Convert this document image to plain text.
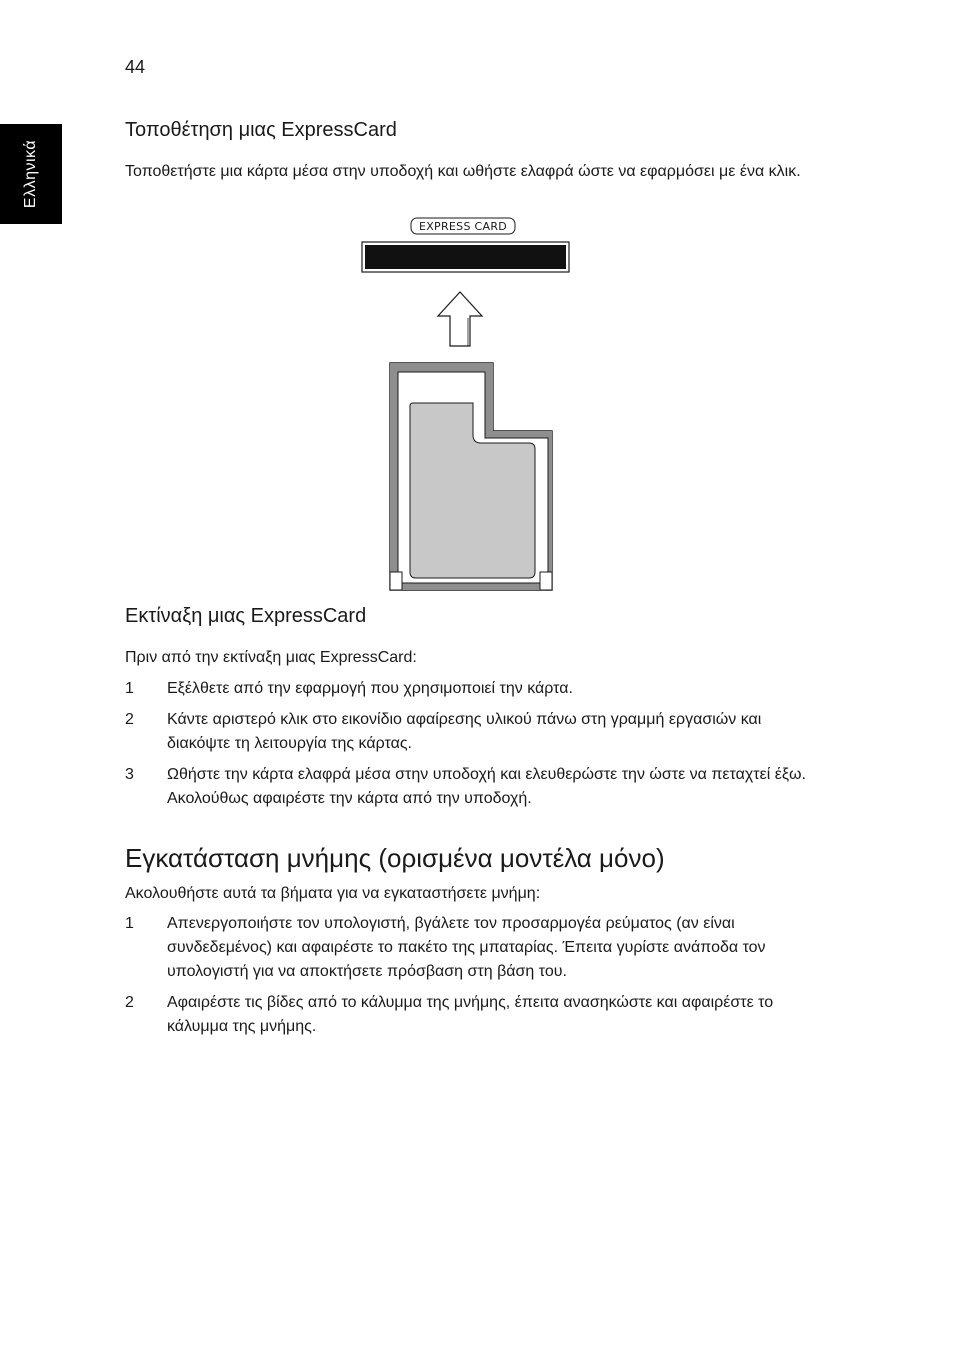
44
Ελληνικά
Τοποθέτηση μιας ExpressCard

Τοποθετήστε μια κάρτα μέσα στην υποδοχή και ωθήστε ελαφρά ώστε να εφαρμόσει με ένα κλικ.

EXPRESS CARD
Εκτίναξη μιας ExpressCard

Πριν από την εκτίναξη μιας ExpressCard:

1 Εξέλθετε από την εφαρμογή που χρησιμοποιεί την κάρτα.
2 Κάντε αριστερό κλικ στο εικονίδιο αφαίρεσης υλικού πάνω στη γραμμή εργασιών και διακόψτε τη λειτουργία της κάρτας.
3 Ωθήστε την κάρτα ελαφρά μέσα στην υποδοχή και ελευθερώστε την ώστε να πεταχτεί έξω. Ακολούθως αφαιρέστε την κάρτα από την υποδοχή.
Εγκατάσταση μνήμης (ορισμένα μοντέλα μόνο)

Ακολουθήστε αυτά τα βήματα για να εγκαταστήσετε μνήμη:

1 Απενεργοποιήστε τον υπολογιστή, βγάλετε τον προσαρμογέα ρεύματος (αν είναι συνδεδεμένος) και αφαιρέστε το πακέτο της μπαταρίας. Έπειτα γυρίστε ανάποδα τον υπολογιστή για να αποκτήσετε πρόσβαση στη βάση του.
2 Αφαιρέστε τις βίδες από το κάλυμμα της μνήμης, έπειτα ανασηκώστε και αφαιρέστε το κάλυμμα της μνήμης.
